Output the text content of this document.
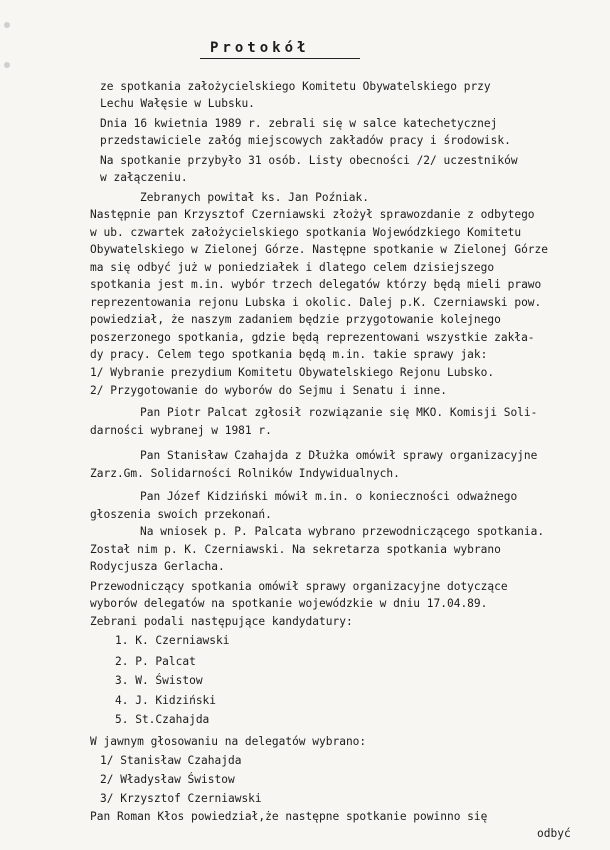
Protokół
ze spotkania założycielskiego Komitetu Obywatelskiego przy
Lechu Wałęsie w Lubsku.
Dnia 16 kwietnia 1989 r. zebrali się w salce katechetycznej
przedstawiciele załóg miejscowych zakładów pracy i środowisk.
Na spotkanie przybyło 31 osób. Listy obecności /2/ uczestników
w załączeniu.
Zebranych powitał ks. Jan Poźniak.
Następnie pan Krzysztof Czerniawski złożył sprawozdanie z odbytego
w ub. czwartek założycielskiego spotkania Wojewódzkiego Komitetu
Obywatelskiego w Zielonej Górze. Następne spotkanie w Zielonej Górze
ma się odbyć już w poniedziałek i dlatego celem dzisiejszego
spotkania jest m.in. wybór trzech delegatów którzy będą mieli prawo
reprezentowania rejonu Lubska i okolic. Dalej p.K. Czerniawski pow.
powiedział, że naszym zadaniem będzie przygotowanie kolejnego
poszerzonego spotkania, gdzie będą reprezentowani wszystkie zakła-
dy pracy. Celem tego spotkania będą m.in. takie sprawy jak:
1/ Wybranie prezydium Komitetu Obywatelskiego Rejonu Lubsko.
2/ Przygotowanie do wyborów do Sejmu i Senatu i inne.
Pan Piotr Palcat zgłosił rozwiązanie się MKO. Komisji Soli-
darności wybranej w 1981 r.
Pan Stanisław Czahajda z Dłużka omówił sprawy organizacyjne
Zarz.Gm. Solidarności Rolników Indywidualnych.
Pan Józef Kidziński mówił m.in. o konieczności odważnego
głoszenia swoich przekonań.
Na wniosek p. P. Palcata wybrano przewodniczącego spotkania.
Został nim p. K. Czerniawski. Na sekretarza spotkania wybrano
Rodycjusza Gerlacha.
Przewodniczący spotkania omówił sprawy organizacyjne dotyczące
wyborów delegatów na spotkanie wojewódzkie w dniu 17.04.89.
Zebrani podali następujące kandydatury:
1. K. Czerniawski
2. P. Palcat
3. W. Świstow
4. J. Kidziński
5. St.Czahajda
W jawnym głosowaniu na delegatów wybrano:
1/ Stanisław Czahajda
2/ Władysław Świstow
3/ Krzysztof Czerniawski
Pan Roman Kłos powiedział,że następne spotkanie powinno się
odbyć
